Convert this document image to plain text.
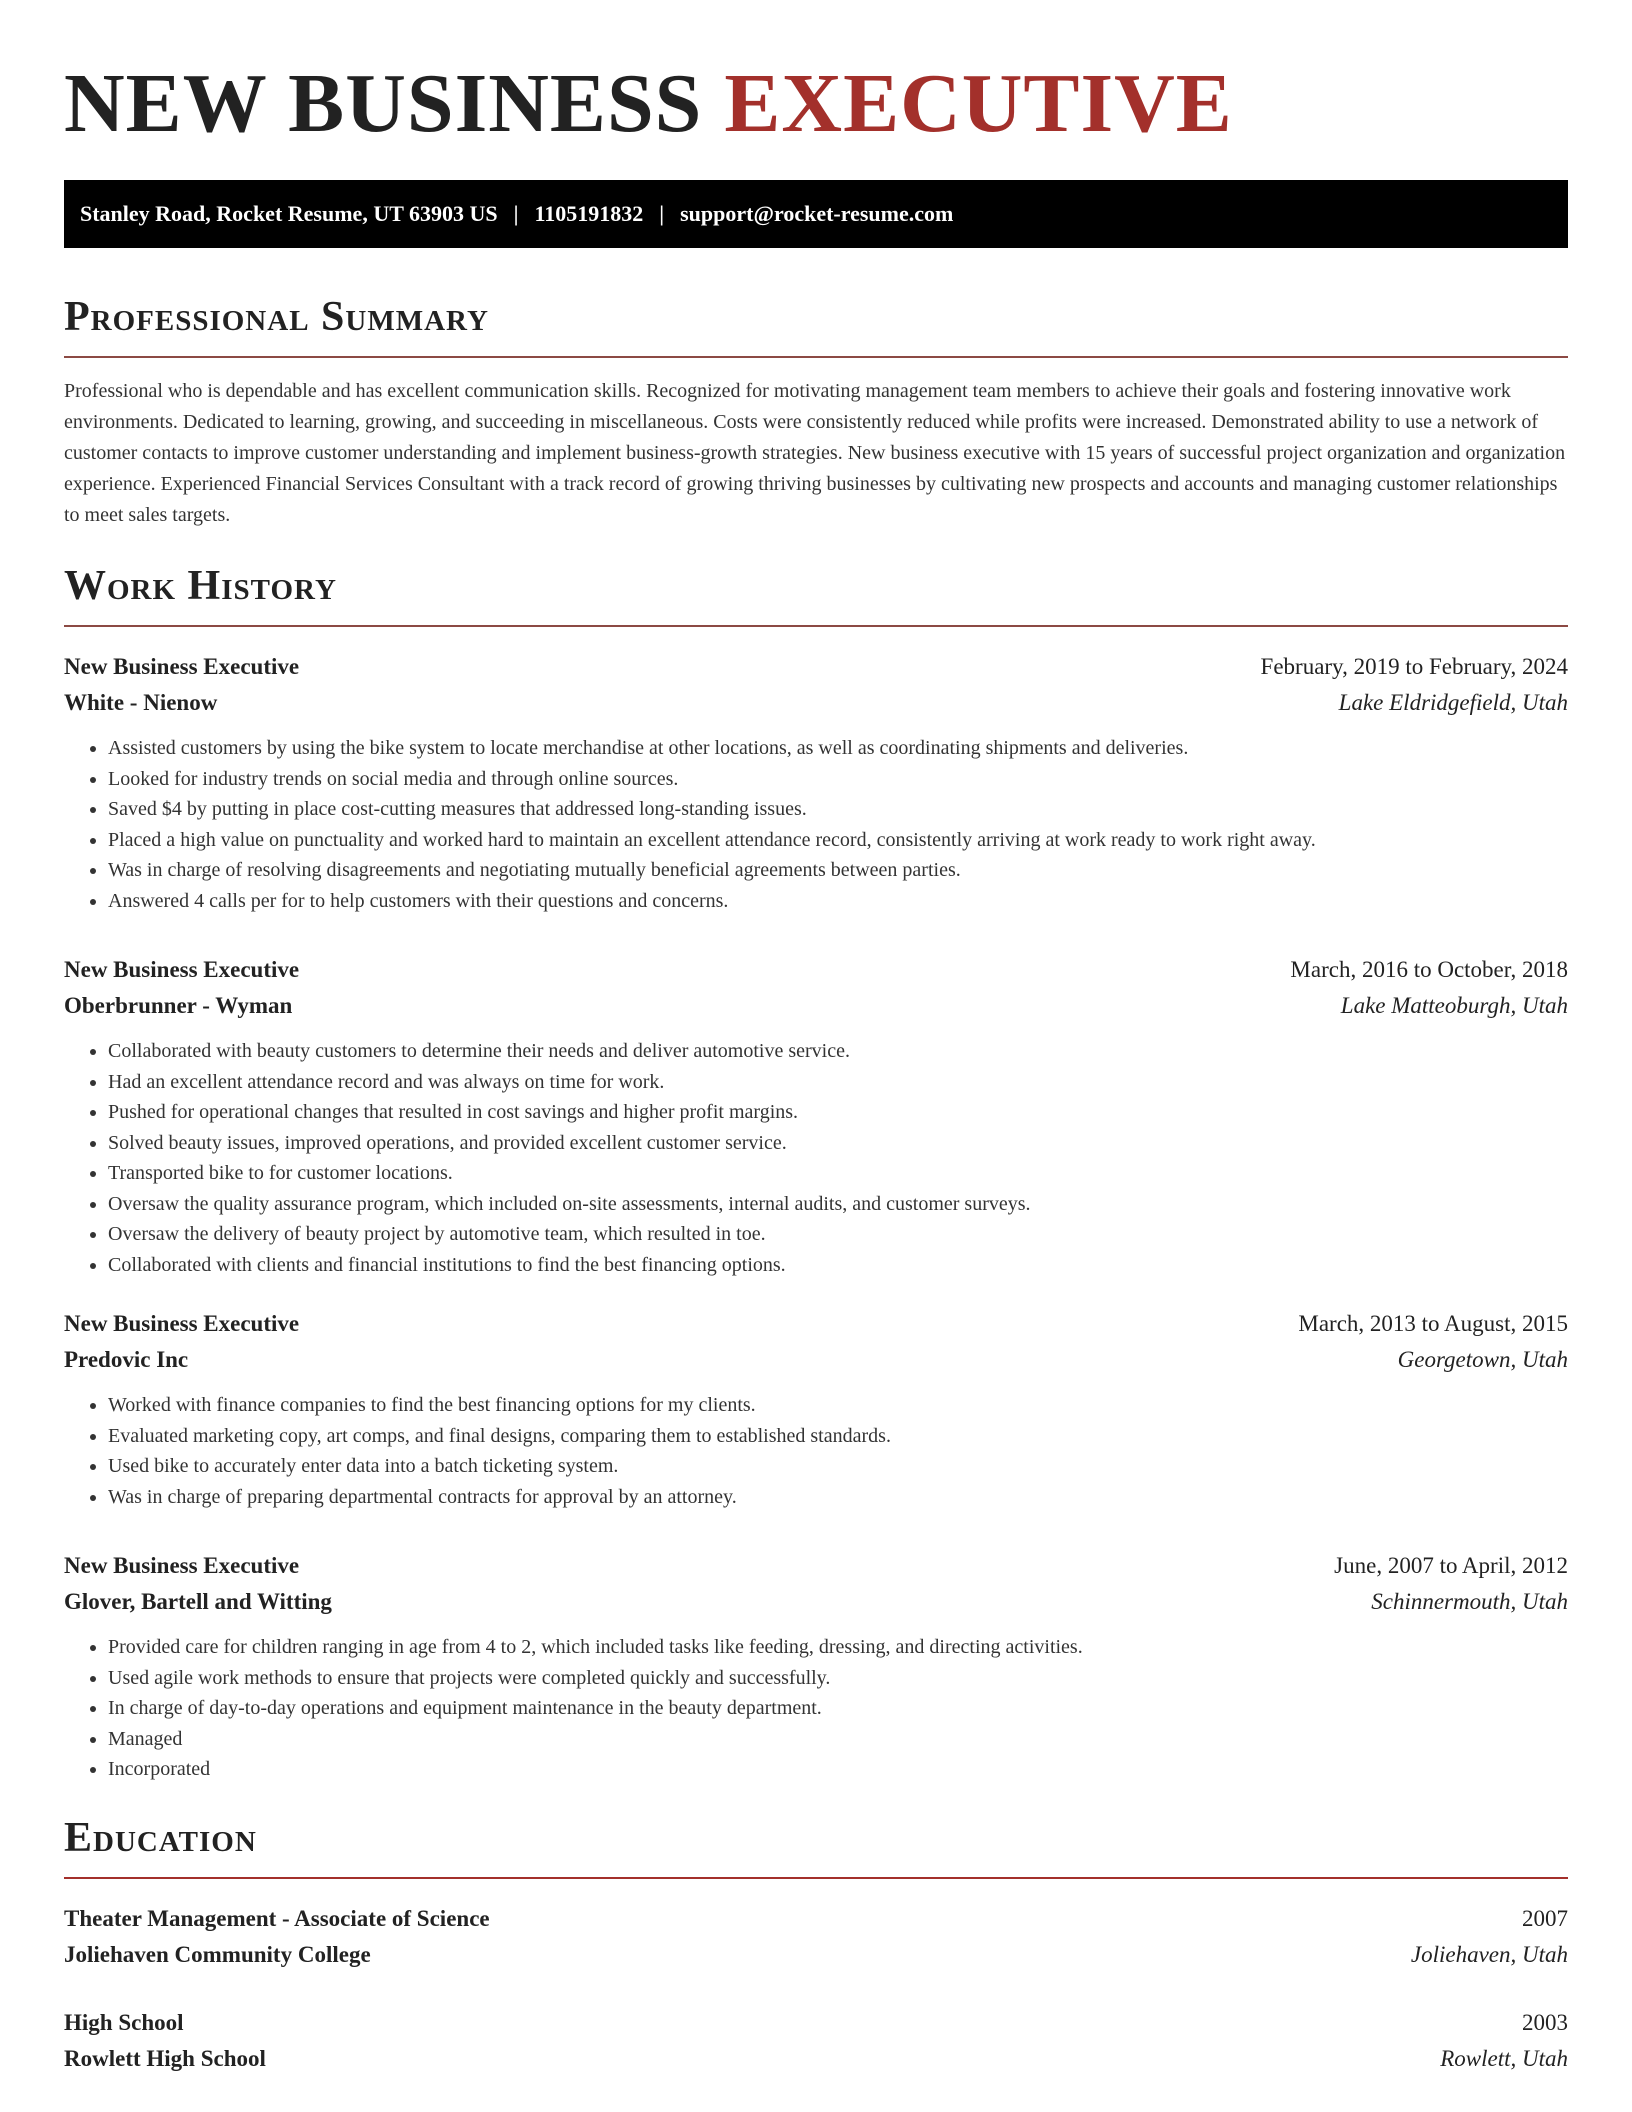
NEW BUSINESS EXECUTIVE
Stanley Road, Rocket Resume, UT 63903 US | 1105191832 | support@rocket-resume.com
Professional Summary

Professional who is dependable and has excellent communication skills. Recognized for motivating management team members to achieve their goals and fostering innovative work environments. Dedicated to learning, growing, and succeeding in miscellaneous. Costs were consistently reduced while profits were increased. Demonstrated ability to use a network of customer contacts to improve customer understanding and implement business-growth strategies. New business executive with 15 years of successful project organization and organization experience. Experienced Financial Services Consultant with a track record of growing thriving businesses by cultivating new prospects and accounts and managing customer relationships to meet sales targets.

Work History
New Business Executive	February, 2019 to February, 2024
White - Nienow	Lake Eldridgefield, Utah
• Assisted customers by using the bike system to locate merchandise at other locations, as well as coordinating shipments and deliveries.
• Looked for industry trends on social media and through online sources.
• Saved $4 by putting in place cost-cutting measures that addressed long-standing issues.
• Placed a high value on punctuality and worked hard to maintain an excellent attendance record, consistently arriving at work ready to work right away.
• Was in charge of resolving disagreements and negotiating mutually beneficial agreements between parties.
• Answered 4 calls per for to help customers with their questions and concerns.
New Business Executive	March, 2016 to October, 2018
Oberbrunner - Wyman	Lake Matteoburgh, Utah
• Collaborated with beauty customers to determine their needs and deliver automotive service.
• Had an excellent attendance record and was always on time for work.
• Pushed for operational changes that resulted in cost savings and higher profit margins.
• Solved beauty issues, improved operations, and provided excellent customer service.
• Transported bike to for customer locations.
• Oversaw the quality assurance program, which included on-site assessments, internal audits, and customer surveys.
• Oversaw the delivery of beauty project by automotive team, which resulted in toe.
• Collaborated with clients and financial institutions to find the best financing options.
New Business Executive	March, 2013 to August, 2015
Predovic Inc	Georgetown, Utah
• Worked with finance companies to find the best financing options for my clients.
• Evaluated marketing copy, art comps, and final designs, comparing them to established standards.
• Used bike to accurately enter data into a batch ticketing system.
• Was in charge of preparing departmental contracts for approval by an attorney.
New Business Executive	June, 2007 to April, 2012
Glover, Bartell and Witting	Schinnermouth, Utah
• Provided care for children ranging in age from 4 to 2, which included tasks like feeding, dressing, and directing activities.
• Used agile work methods to ensure that projects were completed quickly and successfully.
• In charge of day-to-day operations and equipment maintenance in the beauty department.
• Managed
• Incorporated
Education
Theater Management - Associate of Science	2007
Joliehaven Community College	Joliehaven, Utah
High School	2003
Rowlett High School	Rowlett, Utah
